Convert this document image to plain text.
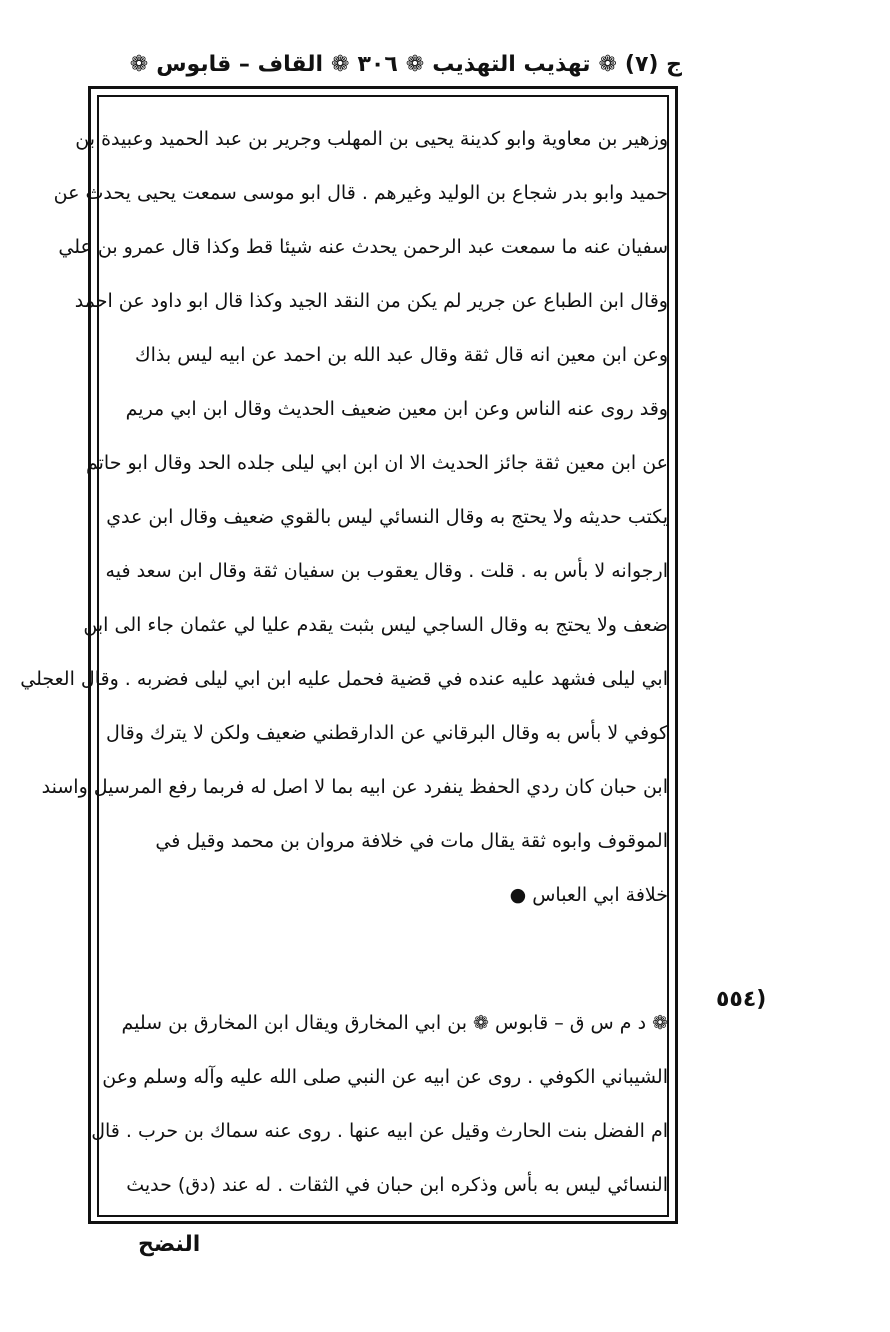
ج (٧)
❁
تهذيب التهذيب
❁
٣٠٦
❁
القاف – قابوس
❁
وزهير بن معاوية وابو كدينة يحيى بن المهلب وجرير بن عبد الحميد وعبيدة بن
حميد وابو بدر شجاع بن الوليد وغيرهم . قال ابو موسى سمعت يحيى يحدث عن
سفيان عنه ما سمعت عبد الرحمن يحدث عنه شيئا قط وكذا قال عمرو بن علي
وقال ابن الطباع عن جرير لم يكن من النقد الجيد وكذا قال ابو داود عن احمد
وعن ابن معين انه قال ثقة وقال عبد الله بن احمد عن ابيه ليس بذاك
وقد روى عنه الناس وعن ابن معين ضعيف الحديث وقال ابن ابي مريم
عن ابن معين ثقة جائز الحديث الا ان ابن ابي ليلى جلده الحد وقال ابو حاتم
يكتب حديثه ولا يحتج به وقال النسائي ليس بالقوي ضعيف وقال ابن عدي
ارجوانه لا بأس به . قلت . وقال يعقوب بن سفيان ثقة وقال ابن سعد فيه
ضعف ولا يحتج به وقال الساجي ليس بثبت يقدم عليا لي عثمان جاء الى ابن
ابي ليلى فشهد عليه عنده في قضية فحمل عليه ابن ابي ليلى فضربه . وقال العجلي
كوفي لا بأس به وقال البرقاني عن الدارقطني ضعيف ولكن لا يترك وقال
ابن حبان كان ردي الحفظ ينفرد عن ابيه بما لا اصل له فربما رفع المرسيل واسند
الموقوف وابوه ثقة يقال مات في خلافة مروان بن محمد وقيل في
خلافة ابي العباس ●
(٥٥٤
❁ د م س ق – قابوس ❁ بن ابي المخارق ويقال ابن المخارق بن سليم
الشيباني الكوفي . روى عن ابيه عن النبي صلى الله عليه وآله وسلم وعن
ام الفضل بنت الحارث وقيل عن ابيه عنها . روى عنه سماك بن حرب . قال
النسائي ليس به بأس وذكره ابن حبان في الثقات . له عند (دق) حديث
النضح
